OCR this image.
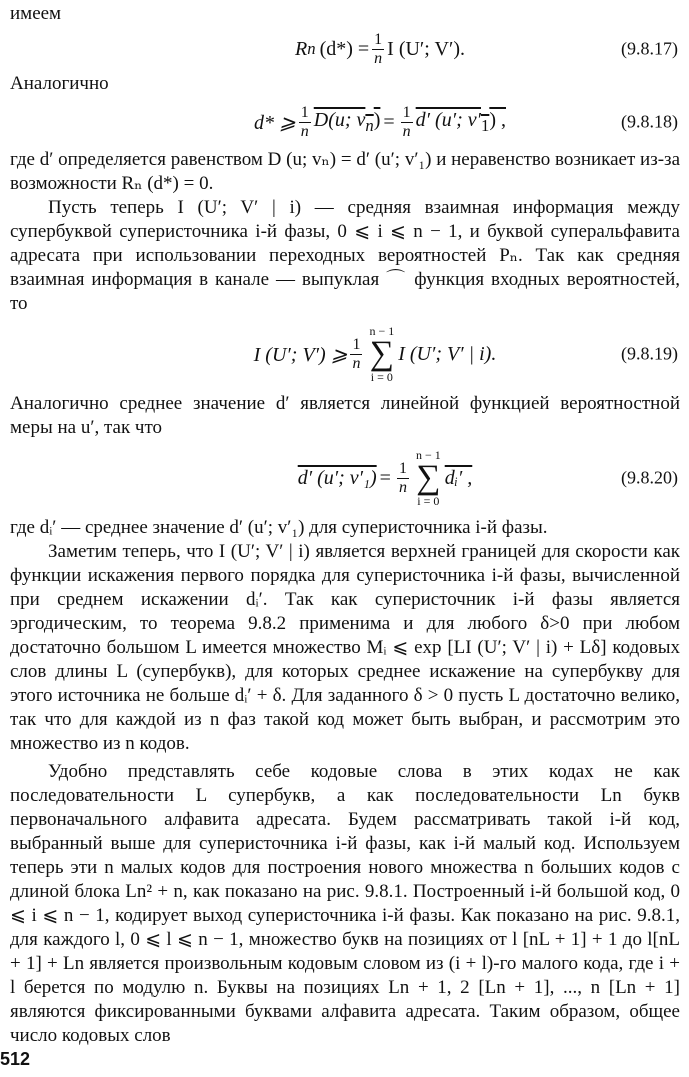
имеем

R n $(d*) = \frac{1}{n}$ I (U′; V′).	(9.8.17)

Аналогично

d* ⩾ $\frac{1}{n} D(u$; $v_n) = \frac{1}{n} d'$ (u′; $v'_1$) ,	(9.8.18)

где d′ определяется равенством D (u; vₙ) = d′ (u′; v′₁) и неравенство возникает из-за возможности Rₙ (d*) = 0.

Пусть теперь I (U′; V′ | i) — средняя взаимная информация между супербуквой суперисточника i-й фазы, 0 ⩽ i ⩽ n − 1, и буквой суперальфавита адресата при использовании переходных вероятностей Pₙ. Так как средняя взаимная информация в канале — выпуклая ⌒ функция входных вероятностей, то

I (U′; V′) ⩾ $\frac{1}{n}$
n − 1
∑
i = 0
I (U′; V′ | i).	(9.8.19)

Аналогично среднее значение d′ является линейной функцией вероятностной меры на u′, так что

d′ (u′; $v'_1) = \frac{1}{n}$
n − 1
∑
i = 0
dᵢ′ ,	(9.8.20)

где dᵢ′ — среднее значение d′ (u′; v′₁) для суперисточника i-й фазы.

Заметим теперь, что I (U′; V′ | i) является верхней границей для скорости как функции искажения первого порядка для суперисточника i-й фазы, вычисленной при среднем искажении dᵢ′. Так как суперисточник i-й фазы является эргодическим, то теорема 9.8.2 применима и для любого δ>0 при любом достаточно большом L имеется множество Mᵢ ⩽ exp [LI (U′; V′ | i) + Lδ] кодовых слов длины L (супербукв), для которых среднее искажение на супербукву для этого источника не больше dᵢ′ + δ. Для заданного δ > 0 пусть L достаточно велико, так что для каждой из n фаз такой код может быть выбран, и рассмотрим это множество из n кодов.

Удобно представлять себе кодовые слова в этих кодах не как последовательности L супербукв, а как последовательности Ln букв первоначального алфавита адресата. Будем рассматривать такой i-й код, выбранный выше для суперисточника i-й фазы, как i-й малый код. Используем теперь эти n малых кодов для построения нового множества n больших кодов с длиной блока Ln² + n, как показано на рис. 9.8.1. Построенный i-й большой код, 0 ⩽ i ⩽ n − 1, кодирует выход суперисточника i-й фазы. Как показано на рис. 9.8.1, для каждого l, 0 ⩽ l ⩽ n − 1, множество букв на позициях от l [nL + 1] + 1 до l[nL + 1] + Ln является произвольным кодовым словом из (i + l)-го малого кода, где i + l берется по модулю n. Буквы на позициях Ln + 1, 2 [Ln + 1], ..., n [Ln + 1] являются фиксированными буквами алфавита адресата. Таким образом, общее число кодовых слов

512
